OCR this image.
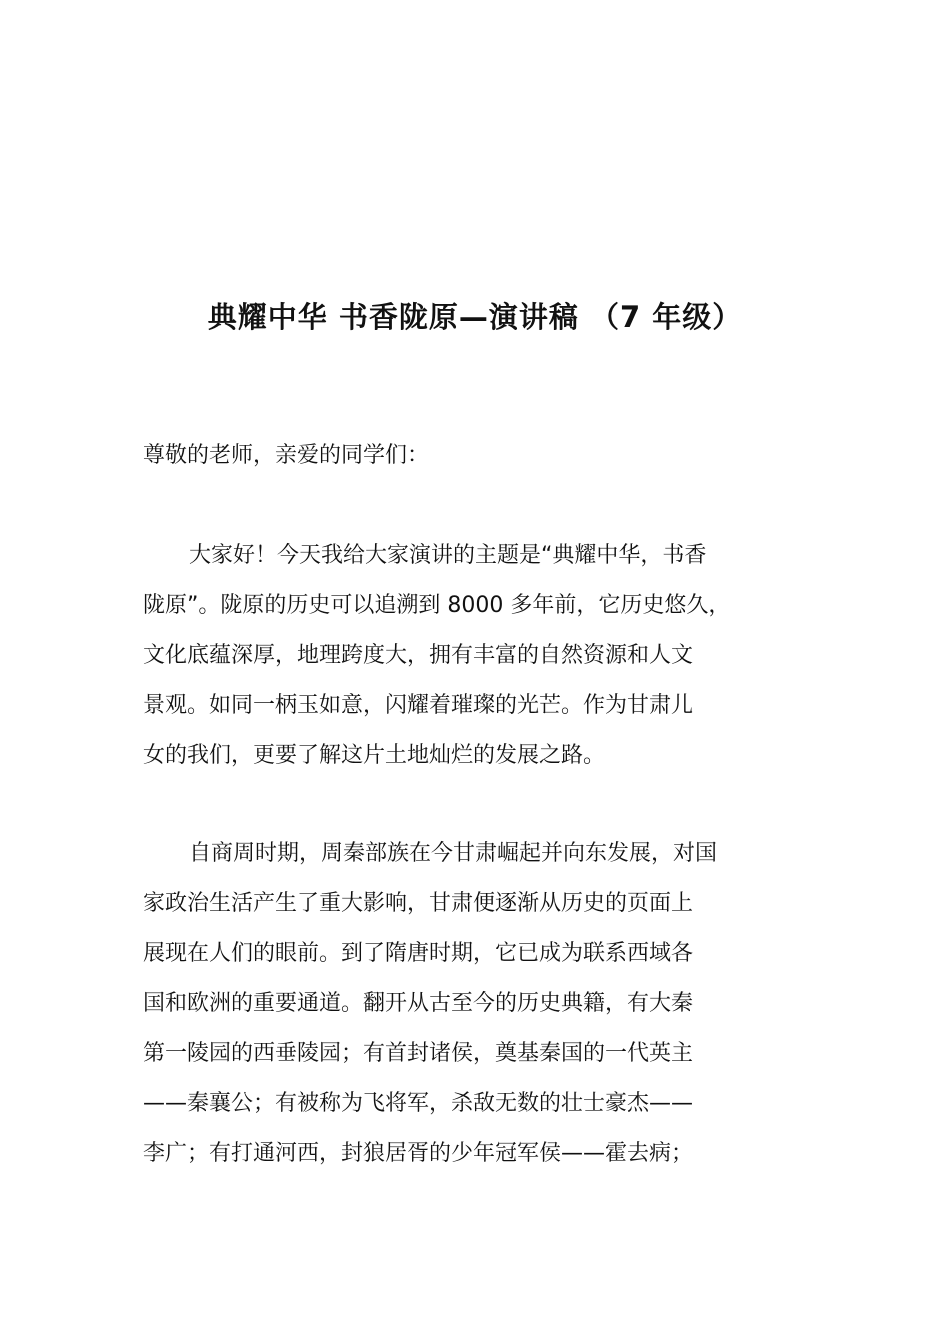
典耀中华 书香陇原—演讲稿 （7 年级）
尊敬的老师，亲爱的同学们：
大家好！今天我给大家演讲的主题是“典耀中华，书香
陇原”。陇原的历史可以追溯到 8000 多年前，它历史悠久，
文化底蕴深厚，地理跨度大，拥有丰富的自然资源和人文
景观。如同一柄玉如意，闪耀着璀璨的光芒。作为甘肃儿
女的我们，更要了解这片土地灿烂的发展之路。
自商周时期，周秦部族在今甘肃崛起并向东发展，对国
家政治生活产生了重大影响，甘肃便逐渐从历史的页面上
展现在人们的眼前。到了隋唐时期，它已成为联系西域各
国和欧洲的重要通道。翻开从古至今的历史典籍，有大秦
第一陵园的西垂陵园；有首封诸侯，奠基秦国的一代英主
——秦襄公；有被称为飞将军，杀敌无数的壮士豪杰——
李广；有打通河西，封狼居胥的少年冠军侯——霍去病；
